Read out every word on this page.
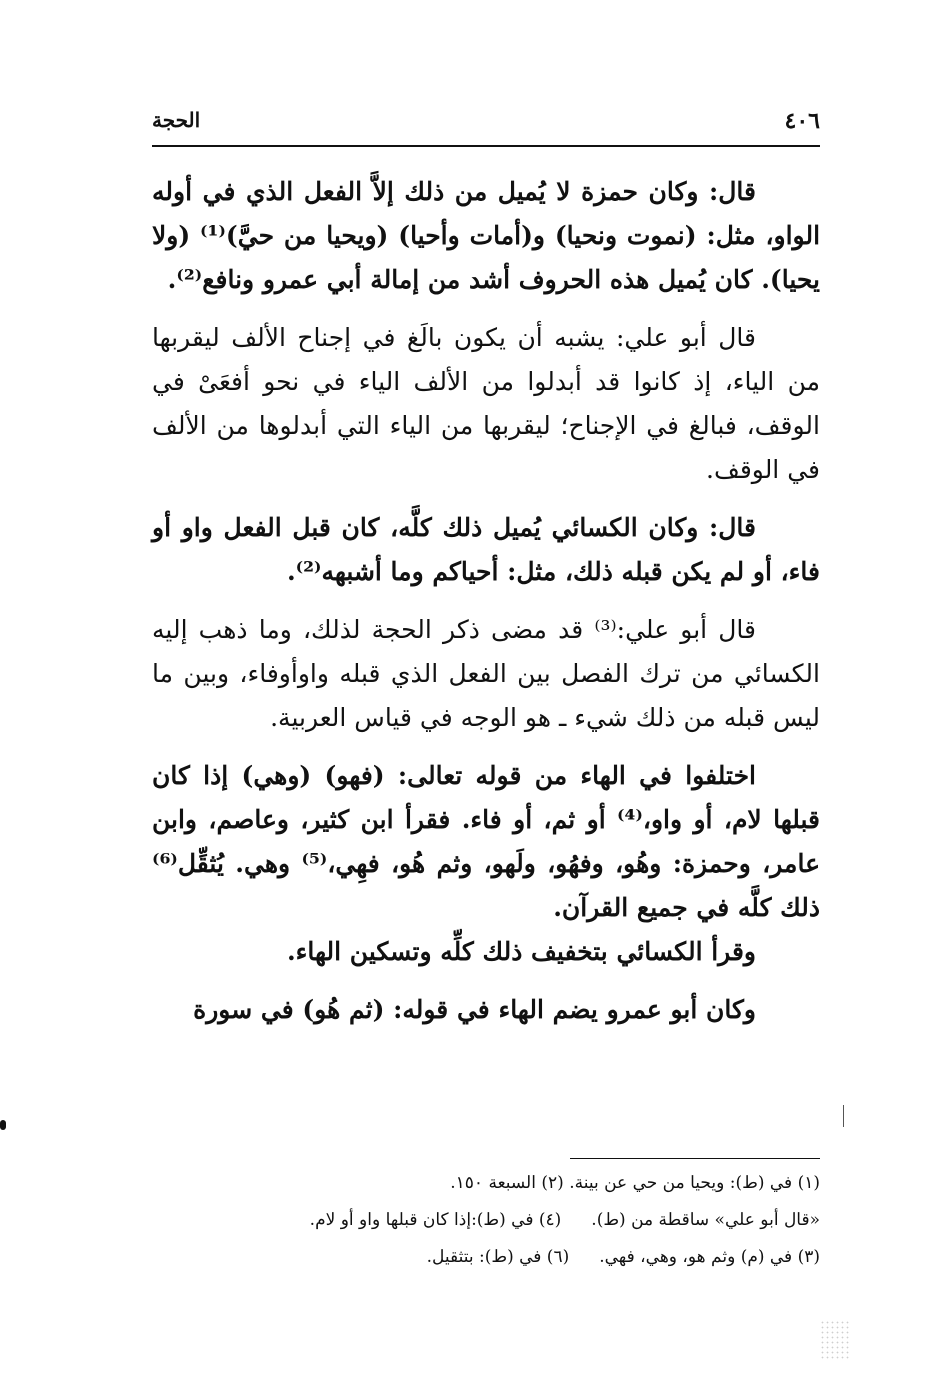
٤٠٦
الحجة

قال: وكان حمزة لا يُميل من ذلك إلاَّ الفعل الذي في أوله الواو، مثل: (نموت ونحيا) و(أمات وأحيا) (ويحيا من حيَّ)⁽¹⁾ (ولا يحيا). كان يُميل هذه الحروف أشد من إمالة أبي عمرو ونافع⁽²⁾.

قال أبو علي: يشبه أن يكون بالَغ في إجناح الألف ليقربها من الياء، إذ كانوا قد أبدلوا من الألف الياء في نحو أفعَىْ في الوقف، فبالغ في الإجناح؛ ليقربها من الياء التي أبدلوها من الألف في الوقف.

قال: وكان الكسائي يُميل ذلك كلَّه، كان قبل الفعل واو أو فاء، أو لم يكن قبله ذلك، مثل: أحياكم وما أشبهه⁽²⁾.

قال أبو علي:⁽³⁾ قد مضى ذكر الحجة لذلك، وما ذهب إليه الكسائي من ترك الفصل بين الفعل الذي قبله واوأوفاء، وبين ما ليس قبله من ذلك شيء ـ هو الوجه في قياس العربية.

اختلفوا في الهاء من قوله تعالى: (فهو) (وهي) إذا كان قبلها لام، أو واو،⁽⁴⁾ أو ثم، أو فاء. فقرأ ابن كثير، وعاصم، وابن عامر، وحمزة: وهُو، وفهُو، ولَهو، وثم هُو، فهِي،⁽⁵⁾ وهي. يُثقِّل⁽⁶⁾ ذلك كلَّه في جميع القرآن.

وقرأ الكسائي بتخفيف ذلك كلِّه وتسكين الهاء.

وكان أبو عمرو يضم الهاء في قوله: (ثم هُو) في سورة

(١) في (ط): ويحيا من حي عن بينة. (٢) السبعة ١٥٠.
«قال أبو علي» ساقطة من (ط).
(٤) في (ط):إذا كان قبلها واو أو لام.
(٣) في (م) وثم هو، وهي، فهي.
(٦) في (ط): بتثقيل.
